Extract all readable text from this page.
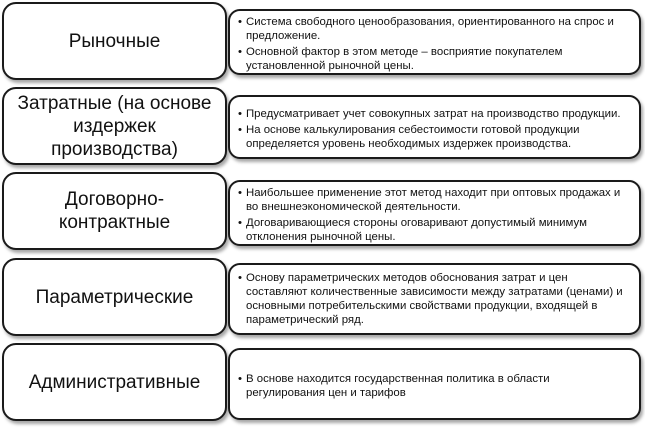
Рыночные
• Система свободного ценообразования, ориентированного на спрос и предложение.
• Основной фактор в этом методе – восприятие покупателем установленной рыночной цены.
Затратные (на основе издержек производства)
• Предусматривает учет совокупных затрат на производство продукции.
• На основе калькулирования себестоимости готовой продукции определяется уровень необходимых издержек производства.
Договорно-контрактные
• Наибольшее применение этот метод находит при оптовых продажах и во внешнеэкономической деятельности.
• Договаривающиеся стороны оговаривают допустимый минимум отклонения рыночной цены.
Параметрические
• Основу параметрических методов обоснования затрат и цен составляют количественные зависимости между затратами (ценами) и основными потребительскими свойствами продукции, входящей в параметрический ряд.
Административные
•	В основе находится государственная политика в области регулирования цен и тарифов
